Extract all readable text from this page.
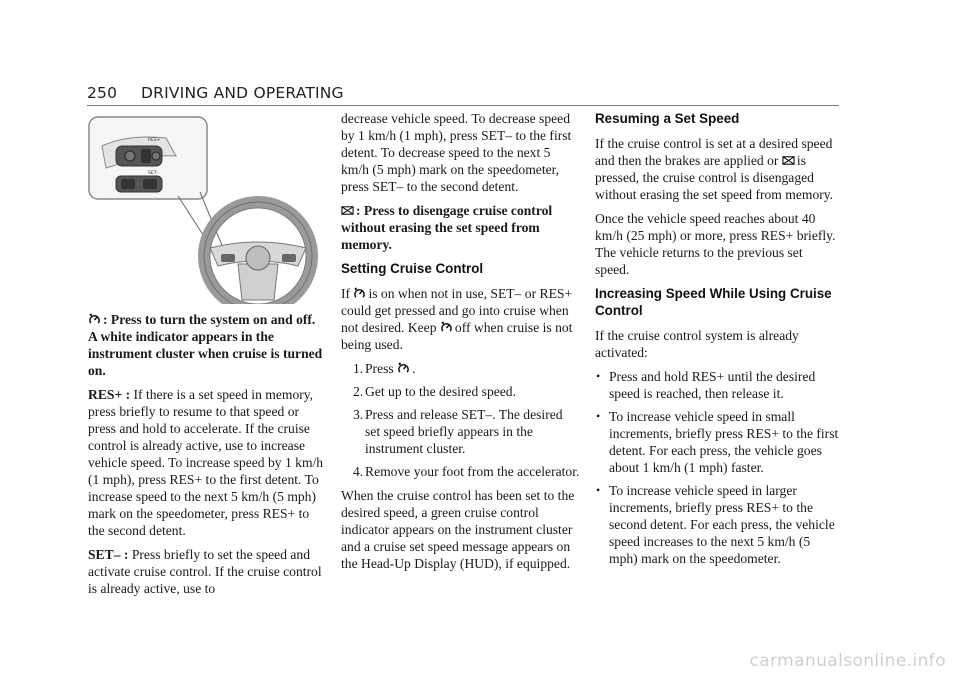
250 DRIVING AND OPERATING
RES+
SET–

: Press to turn the system on and off. A white indicator appears in the instrument cluster when cruise is turned on.

RES+ : If there is a set speed in memory, press briefly to resume to that speed or press and hold to accelerate. If the cruise control is already active, use to increase vehicle speed. To increase speed by 1 km/h (1 mph), press RES+ to the first detent. To increase speed to the next 5 km/h (5 mph) mark on the speedometer, press RES+ to the second detent.

SET– : Press briefly to set the speed and activate cruise control. If the cruise control is already active, use to

decrease vehicle speed. To decrease speed by 1 km/h (1 mph), press SET– to the first detent. To decrease speed to the next 5 km/h (5 mph) mark on the speedometer, press SET– to the second detent.

: Press to disengage cruise control without erasing the set speed from memory.

Setting Cruise Control

If is on when not in use, SET– or RES+ could get pressed and go into cruise when not desired. Keep off when cruise is not being used.

1. Press .
2. Get up to the desired speed.
3. Press and release SET–. The desired set speed briefly appears in the instrument cluster.
4. Remove your foot from the accelerator.

When the cruise control has been set to the desired speed, a green cruise control indicator appears on the instrument cluster and a cruise set speed message appears on the Head-Up Display (HUD), if equipped.

Resuming a Set Speed

If the cruise control is set at a desired speed and then the brakes are applied or is pressed, the cruise control is disengaged without erasing the set speed from memory.

Once the vehicle speed reaches about 40 km/h (25 mph) or more, press RES+ briefly. The vehicle returns to the previous set speed.

Increasing Speed While Using Cruise Control

If the cruise control system is already activated:

• Press and hold RES+ until the desired speed is reached, then release it.
• To increase vehicle speed in small increments, briefly press RES+ to the first detent. For each press, the vehicle goes about 1 km/h (1 mph) faster.
• To increase vehicle speed in larger increments, briefly press RES+ to the second detent. For each press, the vehicle speed increases to the next 5 km/h (5 mph) mark on the speedometer.
carmanualsonline.info
